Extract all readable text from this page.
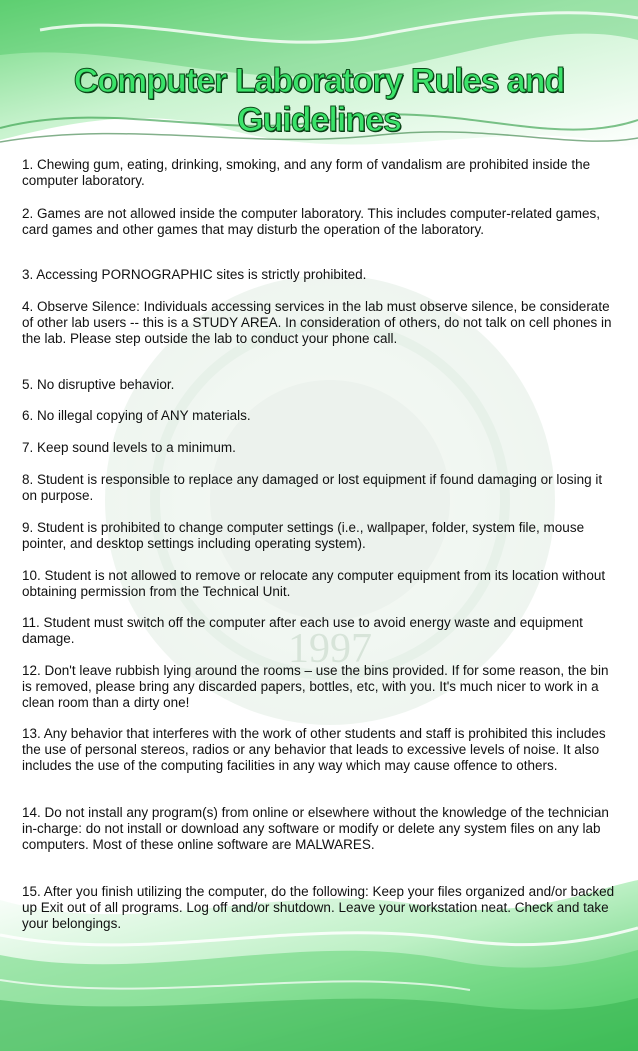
1997
Computer Laboratory Rules and Guidelines

1. Chewing gum, eating, drinking, smoking, and any form of vandalism are prohibited inside the computer laboratory.

2. Games are not allowed inside the computer laboratory. This includes computer-related games, card games and other games that may disturb the operation of the laboratory.

3. Accessing PORNOGRAPHIC sites is strictly prohibited.

4. Observe Silence: Individuals accessing services in the lab must observe silence, be considerate of other lab users -- this is a STUDY AREA. In consideration of others, do not talk on cell phones in the lab. Please step outside the lab to conduct your phone call.

5. No disruptive behavior.

6. No illegal copying of ANY materials.

7. Keep sound levels to a minimum.

8. Student is responsible to replace any damaged or lost equipment if found damaging or losing it on purpose.

9. Student is prohibited to change computer settings (i.e., wallpaper, folder, system file, mouse pointer, and desktop settings including operating system).

10. Student is not allowed to remove or relocate any computer equipment from its location without obtaining permission from the Technical Unit.

11. Student must switch off the computer after each use to avoid energy waste and equipment damage.

12. Don't leave rubbish lying around the rooms – use the bins provided. If for some reason, the bin is removed, please bring any discarded papers, bottles, etc, with you. It's much nicer to work in a clean room than a dirty one!

13. Any behavior that interferes with the work of other students and staff is prohibited this includes the use of personal stereos, radios or any behavior that leads to excessive levels of noise. It also includes the use of the computing facilities in any way which may cause offence to others.

14. Do not install any program(s) from online or elsewhere without the knowledge of the technician in-charge: do not install or download any software or modify or delete any system files on any lab computers. Most of these online software are MALWARES.

15. After you finish utilizing the computer, do the following: Keep your files organized and/or backed up Exit out of all programs. Log off and/or shutdown. Leave your workstation neat. Check and take your belongings.
